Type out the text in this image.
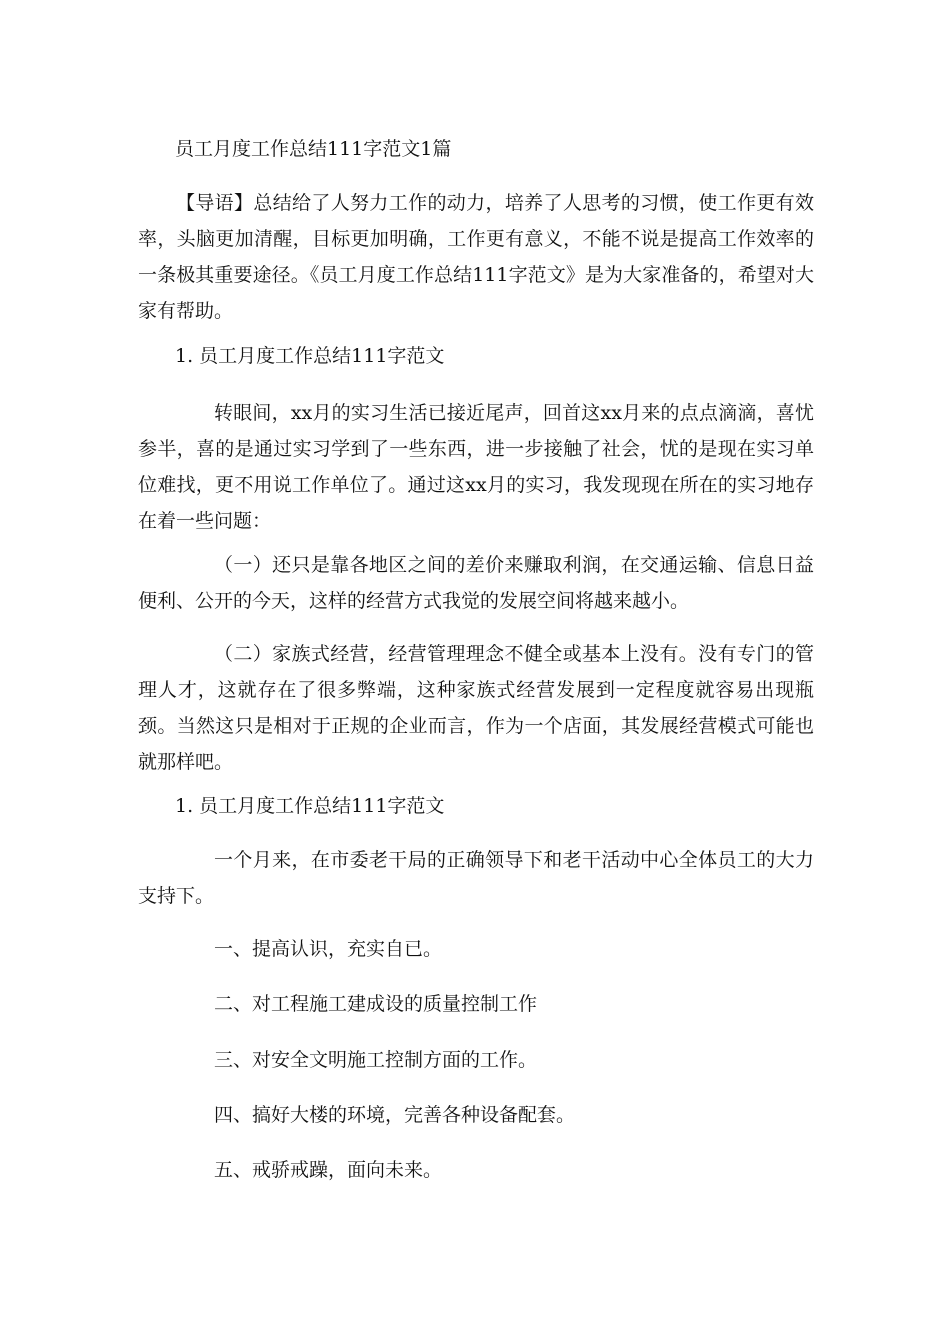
员工月度工作总结111字范文1篇
【导语】总结给了人努力工作的动力，培养了人思考的习惯，使工作更有效率，头脑更加清醒，目标更加明确，工作更有意义，不能不说是提高工作效率的一条极其重要途径。《员工月度工作总结111字范文》是为大家准备的，希望对大家有帮助。
1. 员工月度工作总结111字范文
转眼间，xx月的实习生活已接近尾声，回首这xx月来的点点滴滴，喜忧参半，喜的是通过实习学到了一些东西，进一步接触了社会，忧的是现在实习单位难找，更不用说工作单位了。通过这xx月的实习，我发现现在所在的实习地存在着一些问题：
（一）还只是靠各地区之间的差价来赚取利润，在交通运输、信息日益便利、公开的今天，这样的经营方式我觉的发展空间将越来越小。
（二）家族式经营，经营管理理念不健全或基本上没有。没有专门的管理人才，这就存在了很多弊端，这种家族式经营发展到一定程度就容易出现瓶颈。当然这只是相对于正规的企业而言，作为一个店面，其发展经营模式可能也就那样吧。
1. 员工月度工作总结111字范文
一个月来，在市委老干局的正确领导下和老干活动中心全体员工的大力支持下。
一、提高认识，充实自已。
二、对工程施工建成设的质量控制工作
三、对安全文明施工控制方面的工作。
四、搞好大楼的环境，完善各种设备配套。
五、戒骄戒躁，面向未来。
